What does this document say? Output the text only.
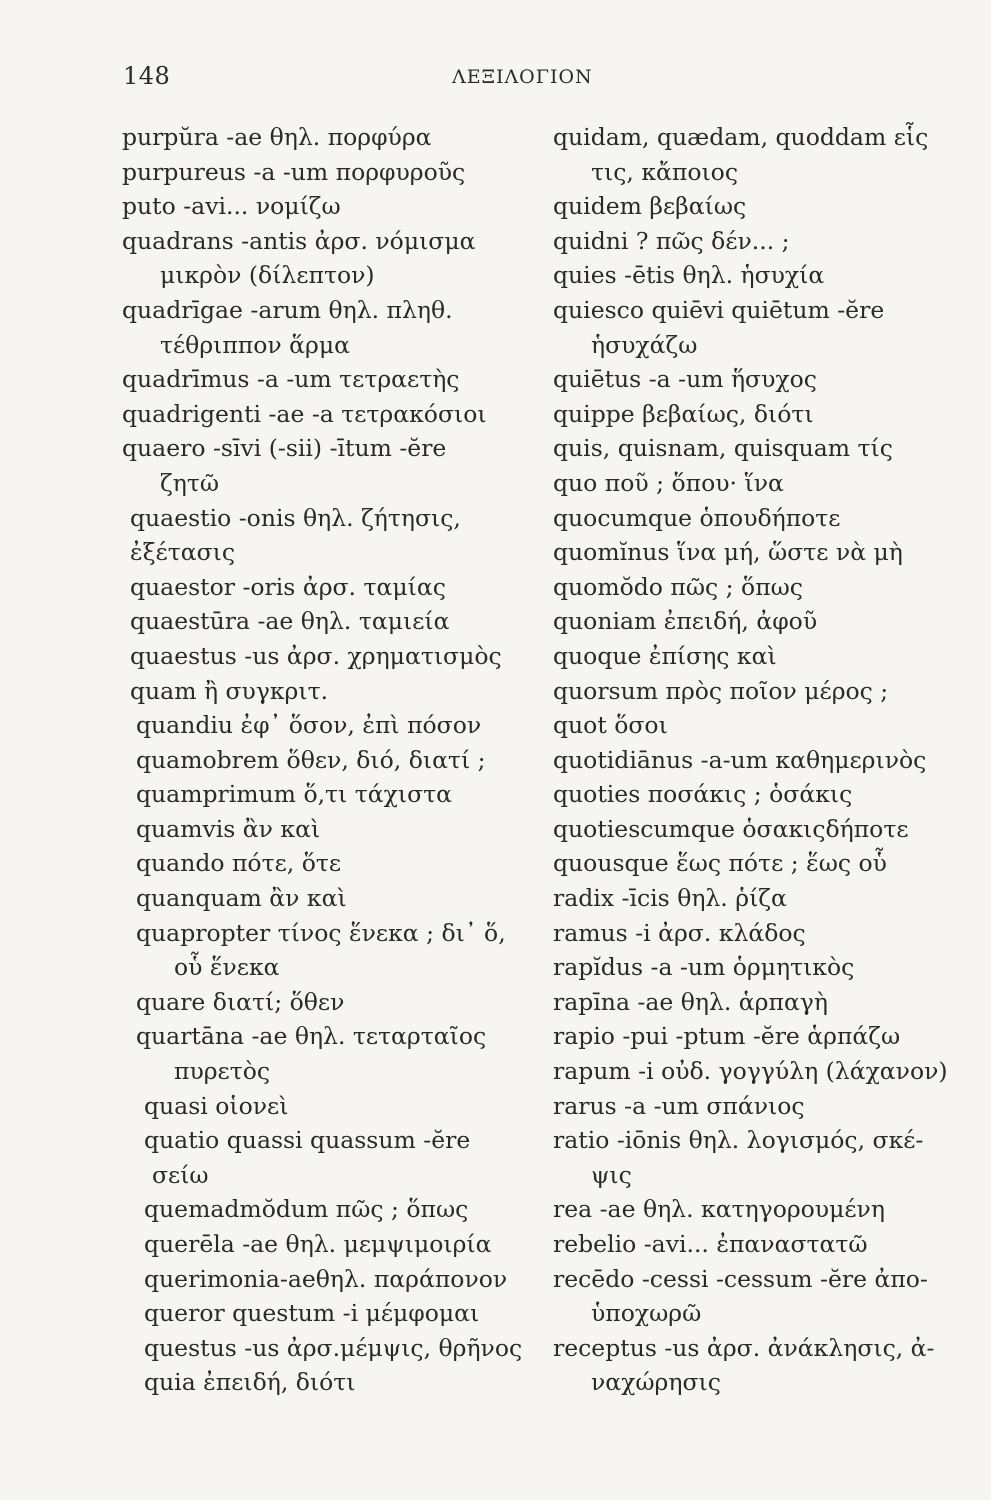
148	ΛΕΞΙΛΟΓΙΟΝ
purpŭra -ae θηλ. πορφύρα
purpureus -a -um πορφυροῦς
puto -avi... νομίζω
quadrans -antis ἀρσ. νόμισμα
μικρὸν (δίλεπτον)
quadrīgae -arum θηλ. πληθ.
τέθριππον ἅρμα
quadrīmus -a -um τετραετὴς
quadrigenti -ae -a τετρακόσιοι
quaero -sīvi (-sii) -ītum -ĕre
ζητῶ
quaestio -onis θηλ. ζήτησις,
ἐξέτασις
quaestor -oris ἀρσ. ταμίας
quaestūra -ae θηλ. ταμιεία
quaestus -us ἀρσ. χρηματισμὸς
quam ἢ συγκριτ.
quandiu ἐφ᾽ ὅσον, ἐπὶ πόσον
quamobrem ὅθεν, διό, διατί ;
quamprimum ὅ,τι τάχιστα
quamvis ἂν καὶ
quando πότε, ὅτε
quanquam ἂν καὶ
quapropter τίνος ἕνεκα ; δι᾽ ὅ,
οὗ ἕνεκα
quare διατί; ὅθεν
quartāna -ae θηλ. τεταρταῖος
πυρετὸς
quasi οἱονεὶ
quatio quassi quassum -ĕre
σείω
quemadmŏdum πῶς ; ὅπως
querēla -ae θηλ. μεμψιμοιρία
querimonia-aeθηλ. παράπονον
queror questum -i μέμφομαι
questus -us ἀρσ.μέμψις, θρῆνος
quia ἐπειδή, διότι
quidam, quædam, quoddam εἷς
τις, κἄποιος
quidem βεβαίως
quidni ? πῶς δέν... ;
quies -ētis θηλ. ἡσυχία
quiesco quiēvi quiētum -ĕre
ἡσυχάζω
quiētus -a -um ἥσυχος
quippe βεβαίως, διότι
quis, quisnam, quisquam τίς
quo ποῦ ; ὅπου· ἵνα
quocumque ὁπουδήποτε
quomĭnus ἵνα μή, ὥστε νὰ μὴ
quomŏdo πῶς ; ὅπως
quoniam ἐπειδή, ἀφοῦ
quoque ἐπίσης καὶ
quorsum πρὸς ποῖον μέρος ;
quot ὅσοι
quotidiānus -a-um καθημερινὸς
quoties ποσάκις ; ὁσάκις
quotiescumque ὁσακιςδήποτε
quousque ἕως πότε ; ἕως οὗ
radix -īcis θηλ. ῥίζα
ramus -i ἀρσ. κλάδος
rapĭdus -a -um ὁρμητικὸς
rapīna -ae θηλ. ἁρπαγὴ
rapio -pui -ptum -ĕre ἁρπάζω
rapum -i οὐδ. γογγύλη (λάχανον)
rarus -a -um σπάνιος
ratio -iōnis θηλ. λογισμός, σκέ-
ψις
rea -ae θηλ. κατηγορουμένη
rebelio -avi... ἐπαναστατῶ
recēdo -cessi -cessum -ĕre ἀπο-
ὑποχωρῶ
receptus -us ἀρσ. ἀνάκλησις, ἀ-
ναχώρησις
